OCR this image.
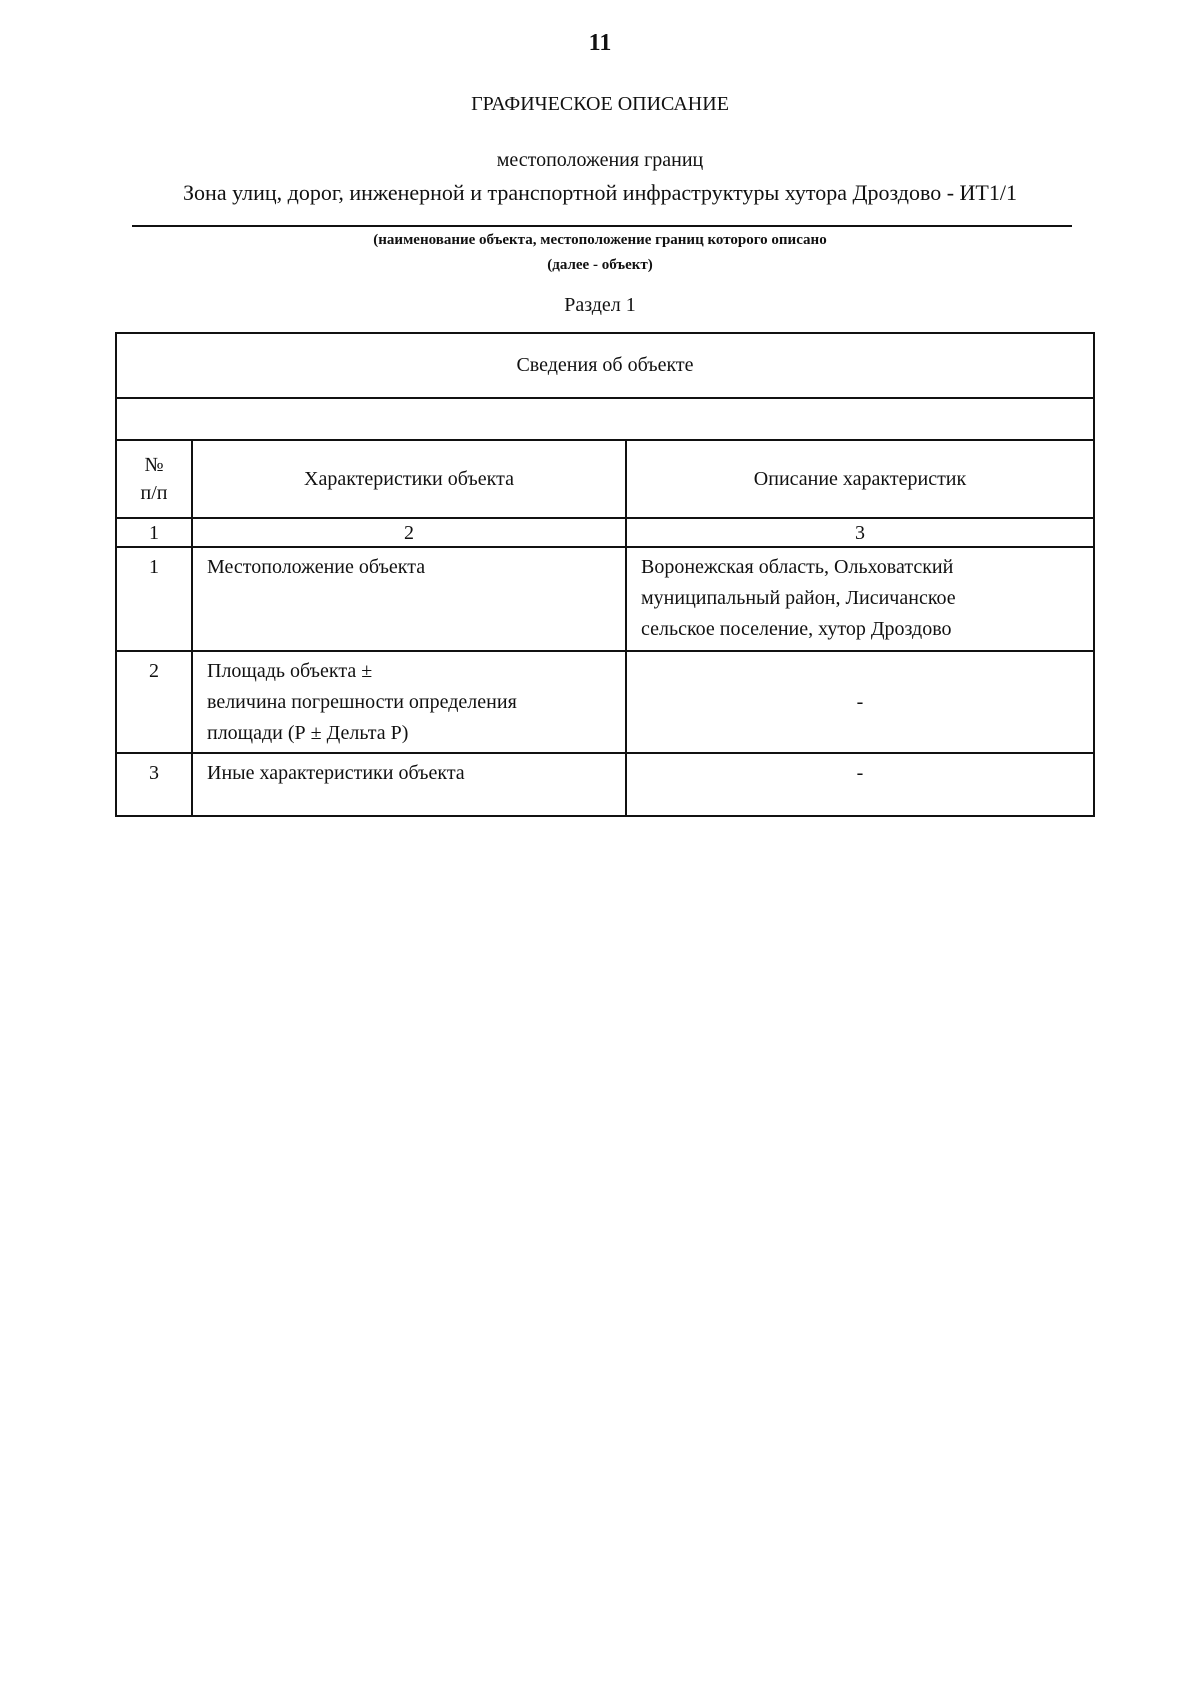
11
ГРАФИЧЕСКОЕ ОПИСАНИЕ
местоположения границ
Зона улиц, дорог, инженерной и транспортной инфраструктуры хутора Дроздово - ИТ1/1
(наименование объекта, местоположение границ которого описано
(далее - объект)
Раздел 1
Сведения об объекте		

№
п/п	Характеристики объекта	Описание характеристик
1	2	3
1	Местоположение объекта	Воронежская область, Ольховатский
муниципальный район, Лисичанское
сельское поселение, хутор Дроздово

2	Площадь объекта ±
величина погрешности определения
площади (Р ± Дельта Р)	-
3	Иные характеристики объекта	-
